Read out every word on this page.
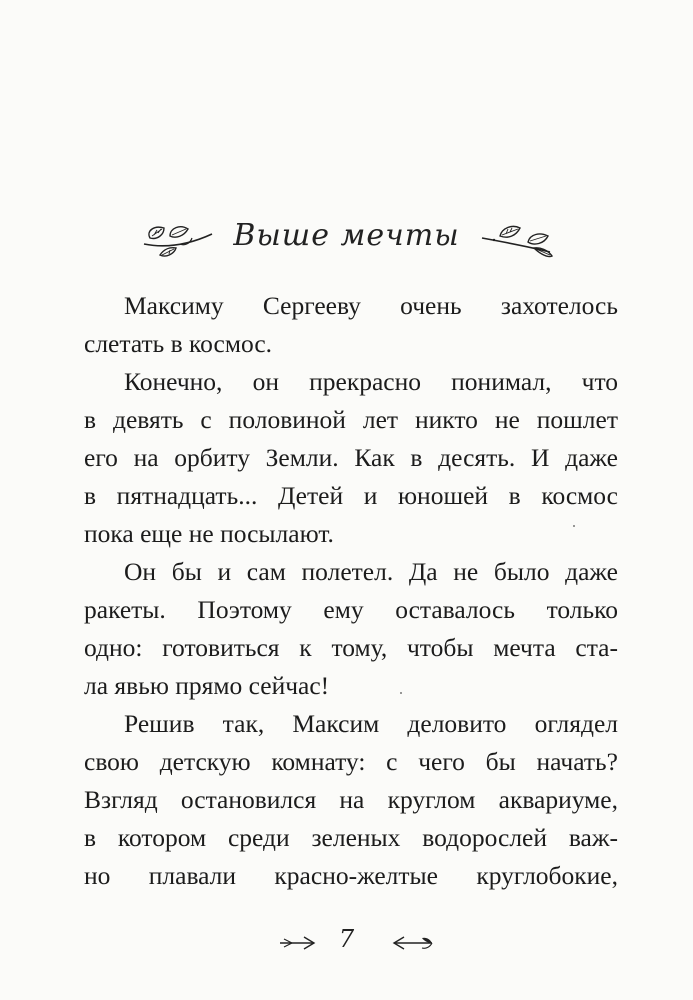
Выше мечты
Максиму Сергееву очень захотелось
слетать в космос.
Конечно, он прекрасно понимал, что
в девять с половиной лет никто не пошлет
его на орбиту Земли. Как в десять. И даже
в пятнадцать... Детей и юношей в космос
пока еще не посылают.
Он бы и сам полетел. Да не было даже
ракеты. Поэтому ему оставалось только
одно: готовиться к тому, чтобы мечта ста-
ла явью прямо сейчас!
Решив так, Максим деловито оглядел
свою детскую комнату: с чего бы начать?
Взгляд остановился на круглом аквариуме,
в котором среди зеленых водорослей важ-
но плавали красно-желтые круглобокие,
7
